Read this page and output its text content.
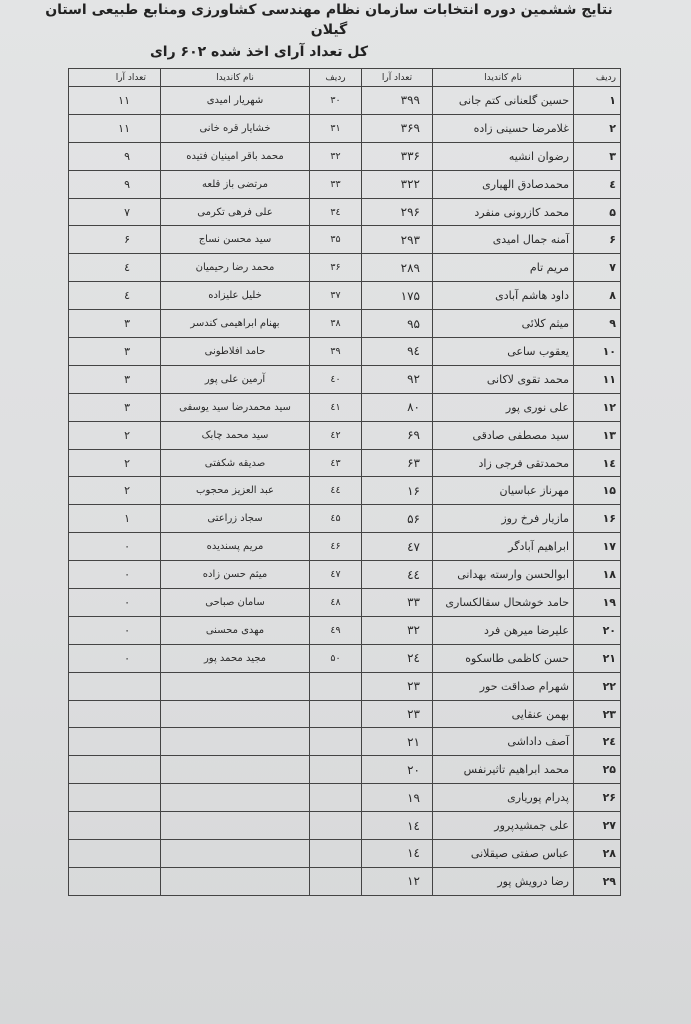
نتایج ششمین دوره انتخابات سازمان نظام مهندسی کشاورزی ومنابع طبیعی استان گیلان
کل تعداد آرای اخذ شده ۶۰۲ رای
ردیف	نام کاندیدا	تعداد آرا	ردیف	نام کاندیدا	تعداد آرا
۱	حسین گلعنانی کتم جانی	۳۹۹	۳۰	شهریار امیدی	۱۱
۲	غلامرضا حسینی زاده	۳۶۹	۳۱	خشایار قره خانی	۱۱
۳	رضوان انشیه	۳۳۶	۳۲	محمد باقر امینیان فتیده	۹
٤	محمدصادق الهیاری	۳۲۲	۳۳	مرتضی باز قلعه	۹
۵	محمد کازرونی منفرد	۲۹۶	۳٤	علی فرهی تکرمی	۷
۶	آمنه جمال امیدی	۲۹۳	۳۵	سید محسن نساج	۶
۷	مریم تام	۲۸۹	۳۶	محمد رضا رحیمیان	٤
۸	داود هاشم آبادی	۱۷۵	۳۷	خلیل علیزاده	٤
۹	میثم کلائی	۹۵	۳۸	بهنام ابراهیمی کندسر	۳
۱۰	یعقوب ساعی	۹٤	۳۹	حامد افلاطونی	۳
۱۱	محمد تقوی لاکانی	۹۲	٤۰	آرمین علی پور	۳
۱۲	علی نوری پور	۸۰	٤۱	سید محمدرضا سید یوسفی	۳
۱۳	سید مصطفی صادقی	۶۹	٤۲	سید محمد چابک	۲
۱٤	محمدتقی فرجی زاد	۶۳	٤۳	صدیقه شکفتی	۲
۱۵	مهرناز عباسیان	۱۶	٤٤	عبد العزیز محجوب	۲
۱۶	مازیار فرخ روز	۵۶	٤۵	سجاد زراعتی	۱
۱۷	ابراهیم آبادگر	٤۷	٤۶	مریم پسندیده	۰
۱۸	ابوالحسن وارسته بهدانی	٤٤	٤۷	میثم حسن زاده	۰
۱۹	حامد خوشحال سقالکساری	۳۳	٤۸	سامان صباحی	۰
۲۰	علیرضا میرهن فرد	۳۲	٤۹	مهدی محسنی	۰
۲۱	حسن کاظمی طاسکوه	۲٤	۵۰	مجید محمد پور	۰
۲۲	شهرام صداقت حور	۲۳			
۲۳	بهمن عنقایی	۲۳			
۲٤	آصف داداشی	۲۱			
۲۵	محمد ابراهیم تاثیرنفس	۲۰			
۲۶	پدرام پوریاری	۱۹			
۲۷	علی جمشیدپرور	۱٤			
۲۸	عباس صفتی صیقلانی	۱٤			
۲۹	رضا درویش پور	۱۲			
